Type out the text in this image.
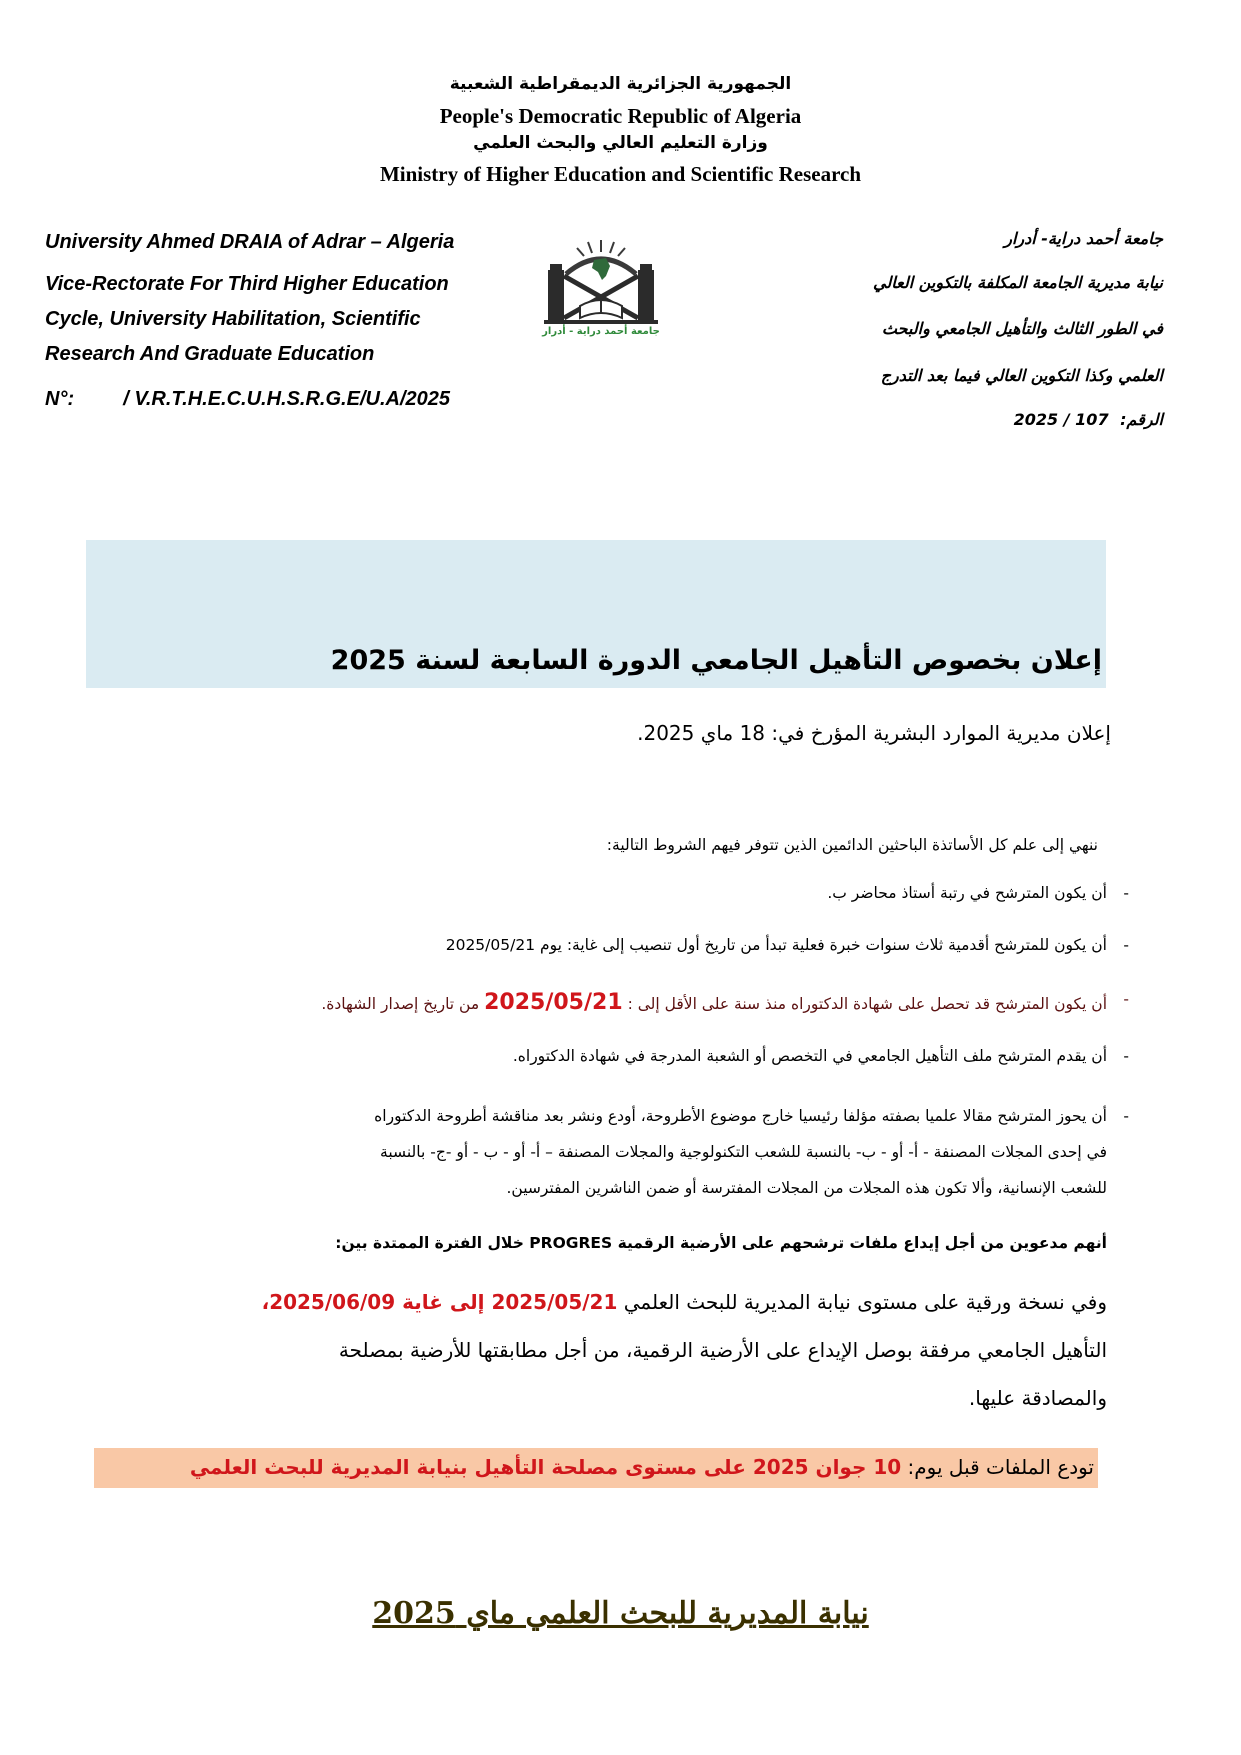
الجمهورية الجزائرية الديمقراطية الشعبية
People's Democratic Republic of Algeria
وزارة التعليم العالي والبحث العلمي
Ministry of Higher Education and Scientific Research
University Ahmed DRAIA of Adrar – Algeria
Vice-Rectorate For Third Higher Education
Cycle, University Habilitation, Scientific
Research And Graduate Education
N°: / V.R.T.H.E.C.U.H.S.R.G.E/U.A/2025
جامعة أحمد دراية - أدرار
جامعة أحمد دراية- أدرار
نيابة مديرية الجامعة المكلفة بالتكوين العالي
في الطور الثالث والتأهيل الجامعي والبحث
العلمي وكذا التكوين العالي فيما بعد التدرج
الرقم: 107 / 2025
إعلان بخصوص التأهيل الجامعي الدورة السابعة لسنة 2025
إعلان مديرية الموارد البشرية المؤرخ في: 18 ماي 2025.
ننهي إلى علم كل الأساتذة الباحثين الدائمين الذين تتوفر فيهم الشروط التالية:
-
أن يكون المترشح في رتبة أستاذ محاضر ب.
-
أن يكون للمترشح أقدمية ثلاث سنوات خبرة فعلية تبدأ من تاريخ أول تنصيب إلى غاية: يوم 2025/05/21
-
أن يكون المترشح قد تحصل على شهادة الدكتوراه منذ سنة على الأقل إلى : 2025/05/21 من تاريخ إصدار الشهادة.
-
أن يقدم المترشح ملف التأهيل الجامعي في التخصص أو الشعبة المدرجة في شهادة الدكتوراه.
-
أن يحوز المترشح مقالا علميا بصفته مؤلفا رئيسيا خارج موضوع الأطروحة، أودع ونشر بعد مناقشة أطروحة الدكتوراه
في إحدى المجلات المصنفة - أ- أو - ب- بالنسبة للشعب التكنولوجية والمجلات المصنفة – أ- أو - ب - أو -ج- بالنسبة
للشعب الإنسانية، وألا تكون هذه المجلات من المجلات المفترسة أو ضمن الناشرين المفترسين.
أنهم مدعوين من أجل إيداع ملفات ترشحهم على الأرضية الرقمية PROGRES خلال الفترة الممتدة بين:
وفي نسخة ورقية على مستوى نيابة المديرية للبحث العلمي 2025/05/21 إلى غاية 2025/06/09،
التأهيل الجامعي مرفقة بوصل الإيداع على الأرضية الرقمية، من أجل مطابقتها للأرضية بمصلحة
والمصادقة عليها.
تودع الملفات قبل يوم: 10 جوان 2025 على مستوى مصلحة التأهيل بنيابة المديرية للبحث العلمي
نيابة المديرية للبحث العلمي ماي 2025
